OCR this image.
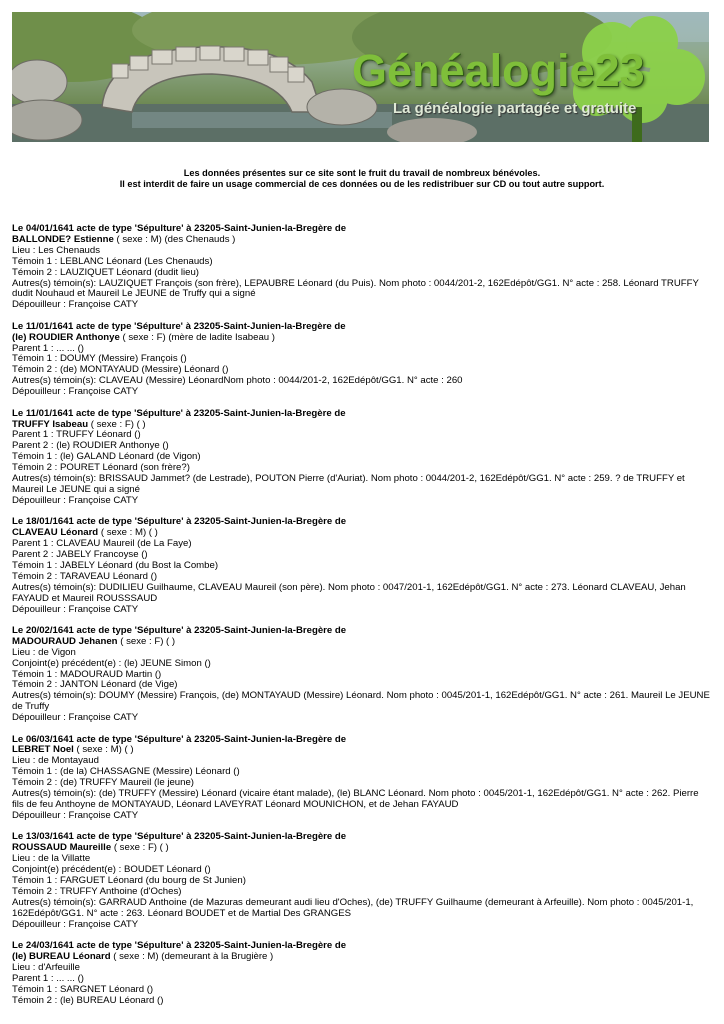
Généalogie23
La généalogie partagée et gratuite
Les données présentes sur ce site sont le fruit du travail de nombreux bénévoles.
Il est interdit de faire un usage commercial de ces données ou de les redistribuer sur CD ou tout autre support.
Le 04/01/1641 acte de type 'Sépulture' à 23205-Saint-Junien-la-Bregère de
BALLONDE? Estienne ( sexe : M) (des Chenauds )
Lieu : Les Chenauds
Témoin 1 : LEBLANC Léonard (Les Chenauds)
Témoin 2 : LAUZIQUET Léonard (dudit lieu)
Autres(s) témoin(s): LAUZIQUET François (son frère), LEPAUBRE Léonard (du Puis). Nom photo : 0044/201-2, 162Edépôt/GG1. N° acte : 258. Léonard TRUFFY dudit Nouhaud et Maureil Le JEUNE de Truffy qui a signé
Dépouilleur : Françoise CATY
Le 11/01/1641 acte de type 'Sépulture' à 23205-Saint-Junien-la-Bregère de
(le) ROUDIER Anthonye ( sexe : F) (mère de ladite Isabeau )
Parent 1 : ... ... ()
Témoin 1 : DOUMY (Messire) François ()
Témoin 2 : (de) MONTAYAUD (Messire) Léonard ()
Autres(s) témoin(s): CLAVEAU (Messire) LéonardNom photo : 0044/201-2, 162Edépôt/GG1. N° acte : 260
Dépouilleur : Françoise CATY
Le 11/01/1641 acte de type 'Sépulture' à 23205-Saint-Junien-la-Bregère de
TRUFFY Isabeau ( sexe : F) ( )
Parent 1 : TRUFFY Léonard ()
Parent 2 : (le) ROUDIER Anthonye ()
Témoin 1 : (le) GALAND Léonard (de Vigon)
Témoin 2 : POURET Léonard (son frère?)
Autres(s) témoin(s): BRISSAUD Jammet? (de Lestrade), POUTON Pierre (d'Auriat). Nom photo : 0044/201-2, 162Edépôt/GG1. N° acte : 259. ? de TRUFFY et Maureil Le JEUNE qui a signé
Dépouilleur : Françoise CATY
Le 18/01/1641 acte de type 'Sépulture' à 23205-Saint-Junien-la-Bregère de
CLAVEAU Léonard ( sexe : M) ( )
Parent 1 : CLAVEAU Maureil (de La Faye)
Parent 2 : JABELY Francoyse ()
Témoin 1 : JABELY Léonard (du Bost la Combe)
Témoin 2 : TARAVEAU Léonard ()
Autres(s) témoin(s): DUDILIEU Guilhaume, CLAVEAU Maureil (son père). Nom photo : 0047/201-1, 162Edépôt/GG1. N° acte : 273. Léonard CLAVEAU, Jehan FAYAUD et Maureil ROUSSSAUD
Dépouilleur : Françoise CATY
Le 20/02/1641 acte de type 'Sépulture' à 23205-Saint-Junien-la-Bregère de
MADOURAUD Jehanen ( sexe : F) ( )
Lieu : de Vigon
Conjoint(e) précédent(e) : (le) JEUNE Simon ()
Témoin 1 : MADOURAUD Martin ()
Témoin 2 : JANTON Léonard (de Vige)
Autres(s) témoin(s): DOUMY (Messire) François, (de) MONTAYAUD (Messire) Léonard. Nom photo : 0045/201-1, 162Edépôt/GG1. N° acte : 261. Maureil Le JEUNE de Truffy
Dépouilleur : Françoise CATY
Le 06/03/1641 acte de type 'Sépulture' à 23205-Saint-Junien-la-Bregère de
LEBRET Noel ( sexe : M) ( )
Lieu : de Montayaud
Témoin 1 : (de la) CHASSAGNE (Messire) Léonard ()
Témoin 2 : (de) TRUFFY Maureil (le jeune)
Autres(s) témoin(s): (de) TRUFFY (Messire) Léonard (vicaire étant malade), (le) BLANC Léonard. Nom photo : 0045/201-1, 162Edépôt/GG1. N° acte : 262. Pierre fils de feu Anthoyne de MONTAYAUD, Léonard LAVEYRAT Léonard MOUNICHON, et de Jehan FAYAUD
Dépouilleur : Françoise CATY
Le 13/03/1641 acte de type 'Sépulture' à 23205-Saint-Junien-la-Bregère de
ROUSSAUD Maureille ( sexe : F) ( )
Lieu : de la Villatte
Conjoint(e) précédent(e) : BOUDET Léonard ()
Témoin 1 : FARGUET Léonard (du bourg de St Junien)
Témoin 2 : TRUFFY Anthoine (d'Oches)
Autres(s) témoin(s): GARRAUD Anthoine (de Mazuras demeurant audi lieu d'Oches), (de) TRUFFY Guilhaume (demeurant à Arfeuille). Nom photo : 0045/201-1, 162Edépôt/GG1. N° acte : 263. Léonard BOUDET et de Martial Des GRANGES
Dépouilleur : Françoise CATY
Le 24/03/1641 acte de type 'Sépulture' à 23205-Saint-Junien-la-Bregère de
(le) BUREAU Léonard ( sexe : M) (demeurant à la Brugière )
Lieu : d'Arfeuille
Parent 1 : ... ... ()
Témoin 1 : SARGNET Léonard ()
Témoin 2 : (le) BUREAU Léonard ()
